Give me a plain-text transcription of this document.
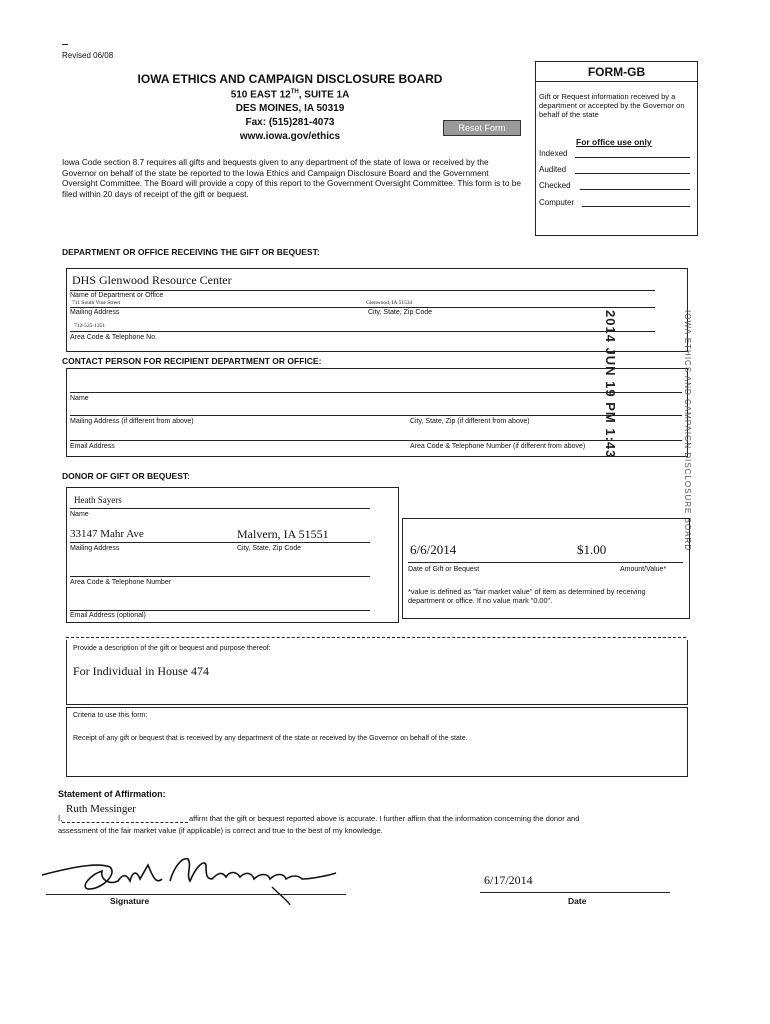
Revised 06/08
IOWA ETHICS AND CAMPAIGN DISCLOSURE BOARD
510 EAST 12TH, SUITE 1A
DES MOINES, IA 50319
Fax: (515)281-4073
www.iowa.gov/ethics
Reset Form
Iowa Code section 8.7 requires all gifts and bequests given to any department of the state of Iowa or received by the Governor on behalf of the state be reported to the Iowa Ethics and Campaign Disclosure Board and the Government Oversight Committee. The Board will provide a copy of this report to the Government Oversight Committee. This form is to be filed within 20 days of receipt of the gift or bequest.
FORM-GB
Gift or Request information received by a department or accepted by the Governor on behalf of the state
For office use only
Indexed
Audited
Checked
Computer
DEPARTMENT OR OFFICE RECEIVING THE GIFT OR BEQUEST:
DHS Glenwood Resource Center
Name of Department or Office
711 South Vine Street	Glenwood, IA 51534
Mailing Address	City, State, Zip Code
712-525-1351
Area Code & Telephone No.
CONTACT PERSON FOR RECIPIENT DEPARTMENT OR OFFICE:
Name
Mailing Address (if different from above)	City, State, Zip (if different from above)
Email Address	Area Code & Telephone Number (if different from above)	2014 JUN 19 PM 1:43	IOWA ETHICS AND CAMPAIGN DISCLOSURE BOARD
DONOR OF GIFT OR BEQUEST:
Heath Sayers
Name
33147 Mahr Ave	Malvern, IA 51551
Mailing Address	City, State, Zip Code
Area Code & Telephone Number
Email Address (optional)
6/6/2014	$1.00
Date of Gift or Bequest	Amount/Value*
*value is defined as "fair market value" of item as determined by receiving department or office. If no value mark "0.00".
Provide a description of the gift or bequest and purpose thereof:
For Individual in House 474
Criteria to use this form:
Receipt of any gift or bequest that is received by any department of the state or received by the Governor on behalf of the state.
Statement of Affirmation:
I,
Ruth Messinger
affirm that the gift or bequest reported above is accurate. I further affirm that the information concerning the donor and
assessment of the fair market value (if applicable) is correct and true to the best of my knowledge.
Signature
6/17/2014
Date
